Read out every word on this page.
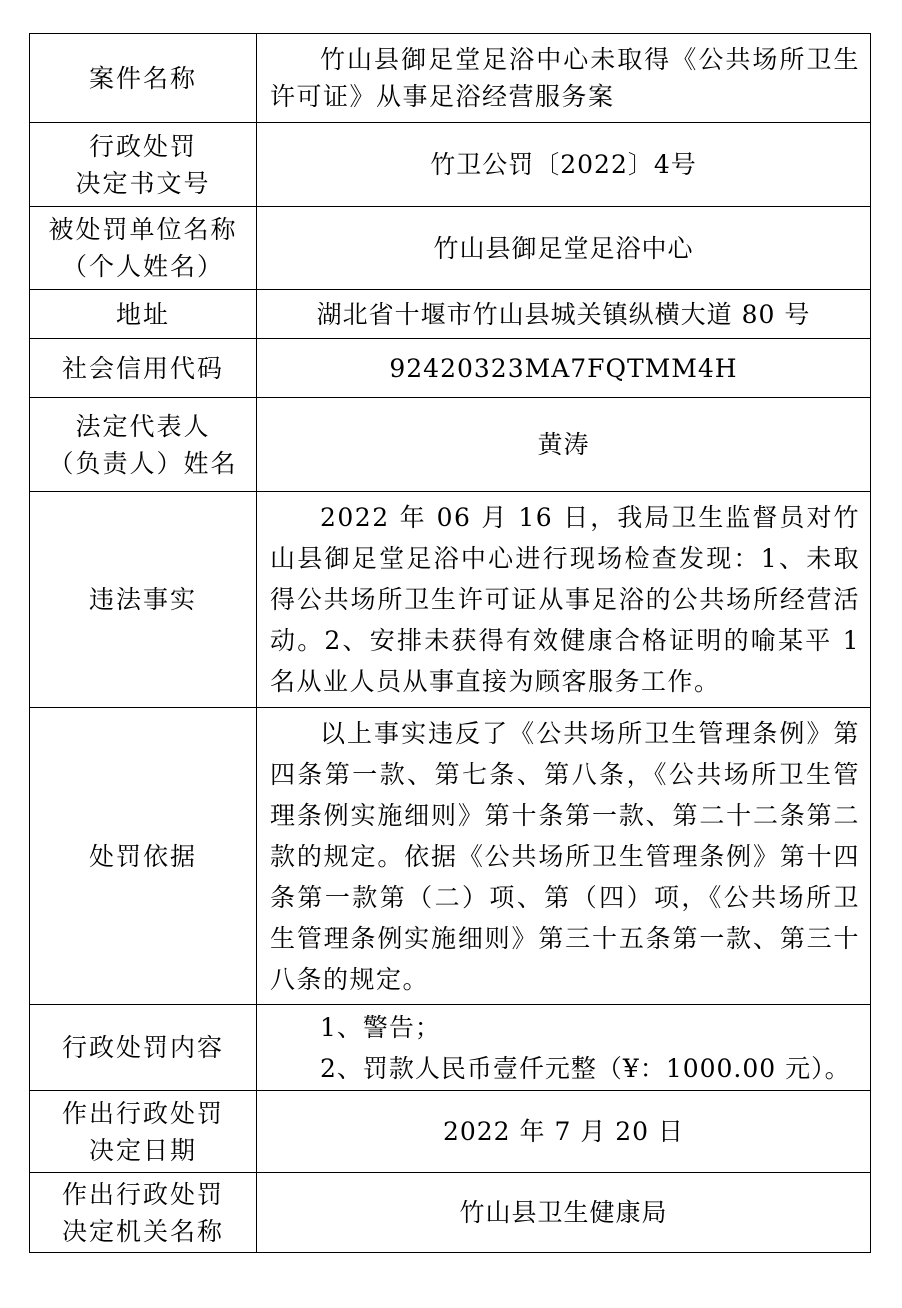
案件名称	竹山县御足堂足浴中心未取得《公共场所卫生许可证》从事足浴经营服务案

行政处罚
决定书文号	竹卫公罚〔2022〕4号

被处罚单位名称
（个人姓名）	竹山县御足堂足浴中心
地址	湖北省十堰市竹山县城关镇纵横大道 80 号
社会信用代码	92420323MA7FQTMM4H

法定代表人
（负责人）姓名	黄涛
违法事实	2022 年 06 月 16 日，我局卫生监督员对竹山县御足堂足浴中心进行现场检查发现：1、未取得公共场所卫生许可证从事足浴的公共场所经营活动。2、安排未获得有效健康合格证明的喻某平 1 名从业人员从事直接为顾客服务工作。
处罚依据	以上事实违反了《公共场所卫生管理条例》第四条第一款、第七条、第八条，《公共场所卫生管理条例实施细则》第十条第一款、第二十二条第二款的规定。依据《公共场所卫生管理条例》第十四条第一款第（二）项、第（四）项，《公共场所卫生管理条例实施细则》第三十五条第一款、第三十八条的规定。
行政处罚内容	1、警告；
2、罚款人民币壹仟元整（¥：1000.00 元）。

作出行政处罚
决定日期	2022 年 7 月 20 日

作出行政处罚
决定机关名称	竹山县卫生健康局
